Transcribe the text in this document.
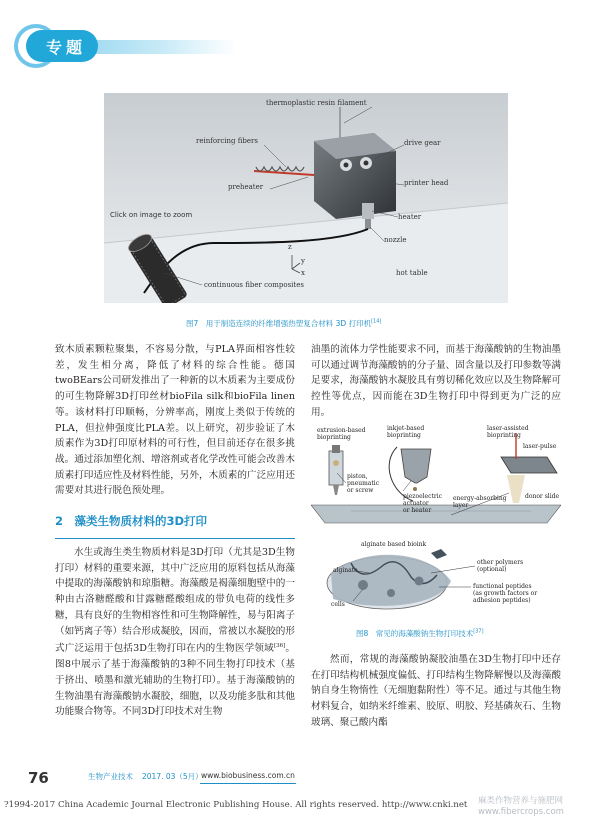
专题
thermoplastic resin filament
reinforcing fibers	drive gear
printer head
preheater
heater
nozzle
Click on image to zoom
hot table
continuous fiber composites
z
y
x
图7　用于制造连续的纤维增强热塑复合材料 3D 打印机[14]

致木质素颗粒聚集，不容易分散，与PLA界面相容性较差，发生相分离，降低了材料的综合性能。德国twoBEars公司研发推出了一种新的以木质素为主要成份的可生物降解3D打印丝材bioFila silk和bioFila linen等。该材料打印顺畅，分辨率高，刚度上类似于传统的PLA，但拉伸强度比PLA差。以上研究，初步验证了木质素作为3D打印原材料的可行性，但目前还存在很多挑战。通过添加塑化剂、增溶剂或者化学改性可能会改善木质素打印适应性及材料性能，另外，木质素的广泛应用还需要对其进行脱色预处理。

2　藻类生物质材料的3D打印

水生或海生类生物质材料是3D打印（尤其是3D生物打印）材料的重要来源，其中广泛应用的原料包括从海藻中提取的海藻酸钠和琼脂糖。海藻酸是褐藻细胞壁中的一种由古洛糖醛酸和甘露糖醛酸组成的带负电荷的线性多糖，具有良好的生物相容性和可生物降解性，易与阳离子（如钙离子等）结合形成凝胶，因而，常被以水凝胶的形式广泛运用于包括3D生物打印在内的生物医学领域[36]。图8中展示了基于海藻酸钠的3种不同生物打印技术（基于挤出、喷墨和激光辅助的生物打印）。基于海藻酸钠的生物油墨有海藻酸钠水凝胶，细胞，以及功能多肽和其他功能聚合物等。不同3D打印技术对生物

油墨的流体力学性能要求不同，而基于海藻酸钠的生物油墨可以通过调节海藻酸钠的分子量、固含量以及打印参数等满足要求，海藻酸钠水凝胶具有剪切稀化效应以及生物降解可控性等优点，因而能在3D生物打印中得到更为广泛的应用。

extrusion-based
bioprinting
inkjet-based
bioprinting
laser-assisted
bioprinting
piston,
pneumatic
or screw
piezoelectric
actuator
or heater
laser-pulse
energy-absorbing
layer
donor slide
alginate based bioink
alginate
cells
other polymers
(optional)
functional peptides
(as growth factors or
adhesion peptides)
图8　常见的海藻酸钠生物打印技术[37]

然而，常规的海藻酸钠凝胶油墨在3D生物打印中还存在打印结构机械强度偏低、打印结构生物降解慢以及海藻酸钠自身生物惰性（无细胞黏附性）等不足。通过与其他生物材料复合，如纳米纤维素、胶原、明胶、羟基磷灰石、生物玻璃、聚己酸内酯

76	生物产业技术 2017. 03（5月）
www.biobusiness.com.cn
?1994-2017 China Academic Journal Electronic Publishing House. All rights reserved. http://www.cnki.net	麻类作物营养与施肥网
www.fibercrops.com
